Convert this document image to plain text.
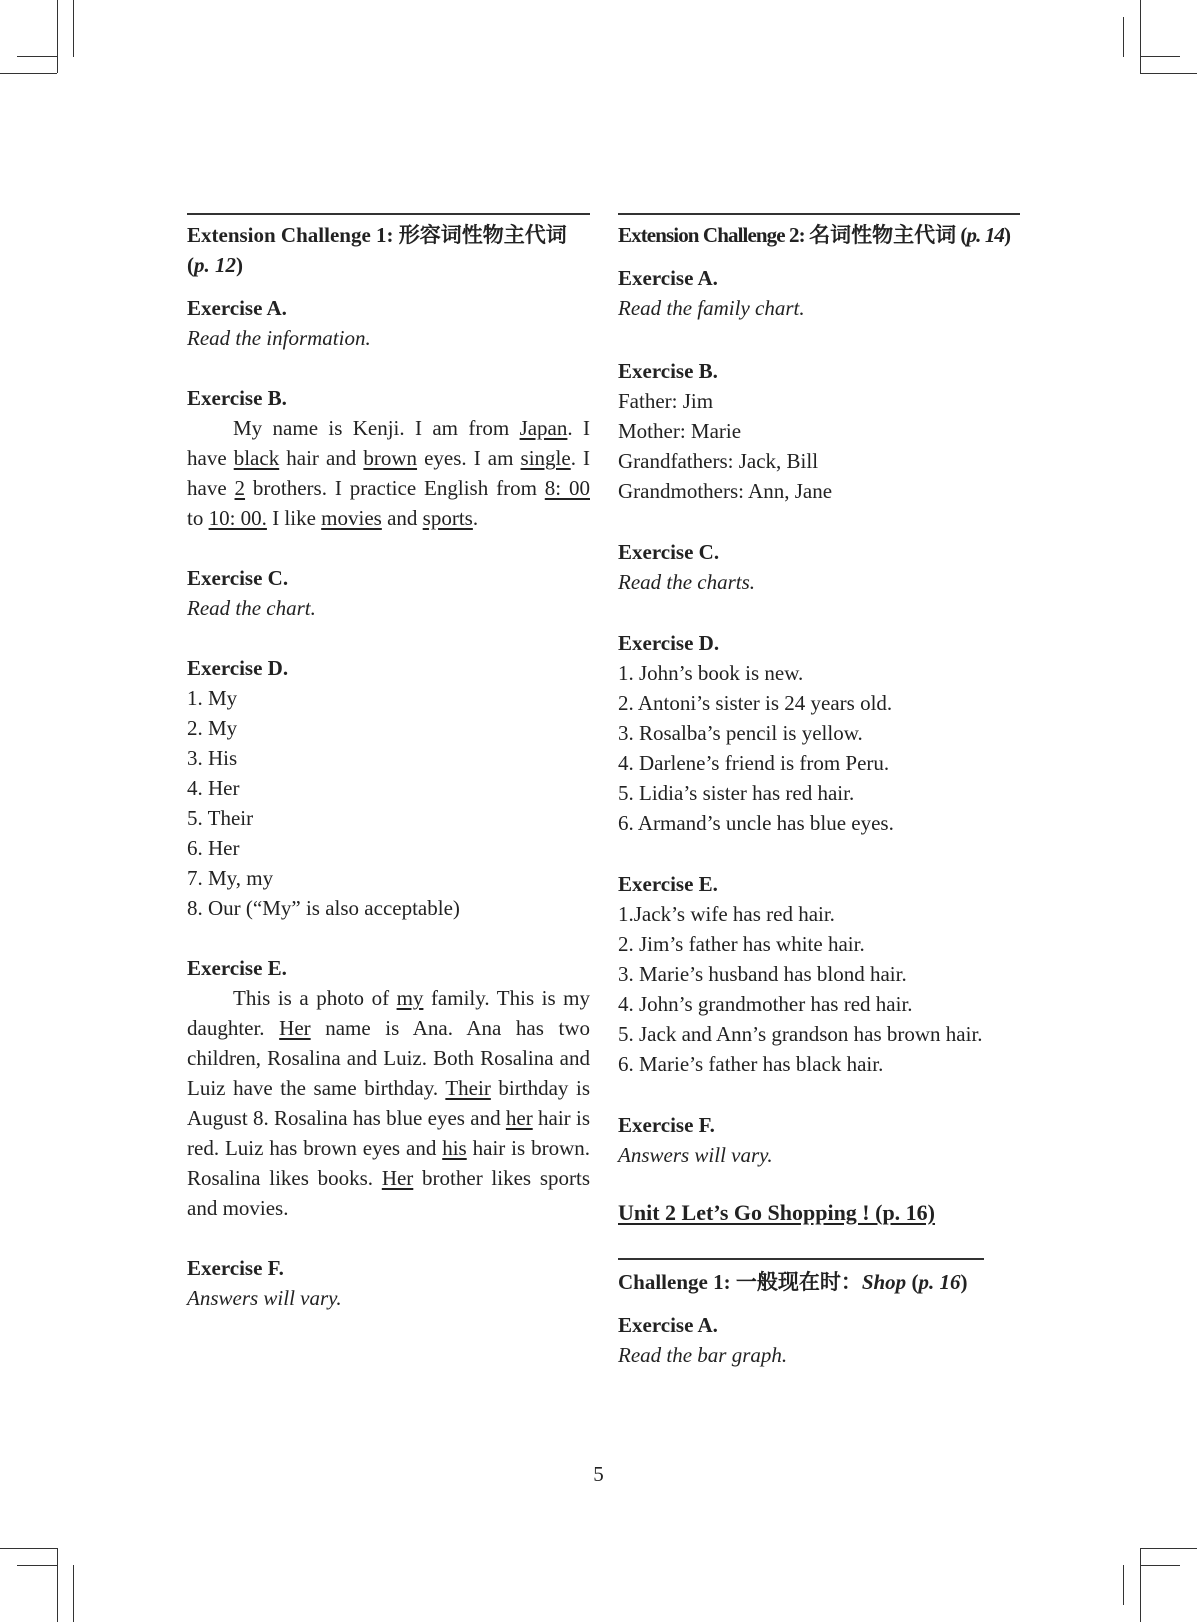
Extension Challenge 1: 形容词性物主代词
(p. 12)

Exercise A.

Read the information.

Exercise B.

My name is Kenji. I am from Japan. I have black hair and brown eyes. I am single. I have 2 brothers. I practice English from 8: 00 to 10: 00. I like movies and sports.

Exercise C.

Read the chart.

Exercise D.

1. My

2. My

3. His

4. Her

5. Their

6. Her

7. My, my

8. Our (“My” is also acceptable)

Exercise E.

This is a photo of my family. This is my daughter. Her name is Ana. Ana has two children, Rosalina and Luiz. Both Rosalina and Luiz have the same birthday. Their birthday is August 8. Rosalina has blue eyes and her hair is red. Luiz has brown eyes and his hair is brown. Rosalina likes books. Her brother likes sports and movies.

Exercise F.

Answers will vary.

Extension Challenge 2: 名词性物主代词 (p. 14)

Exercise A.

Read the family chart.

Exercise B.

Father: Jim

Mother: Marie

Grandfathers: Jack, Bill

Grandmothers: Ann, Jane

Exercise C.

Read the charts.

Exercise D.

1. John’s book is new.

2. Antoni’s sister is 24 years old.

3. Rosalba’s pencil is yellow.

4. Darlene’s friend is from Peru.

5. Lidia’s sister has red hair.

6. Armand’s uncle has blue eyes.

Exercise E.

1.Jack’s wife has red hair.

2. Jim’s father has white hair.

3. Marie’s husband has blond hair.

4. John’s grandmother has red hair.

5. Jack and Ann’s grandson has brown hair.

6. Marie’s father has black hair.

Exercise F.

Answers will vary.

Unit 2 Let’s Go Shopping ! (p. 16)

Challenge 1: 一般现在时：Shop (p. 16)

Exercise A.

Read the bar graph.

5
